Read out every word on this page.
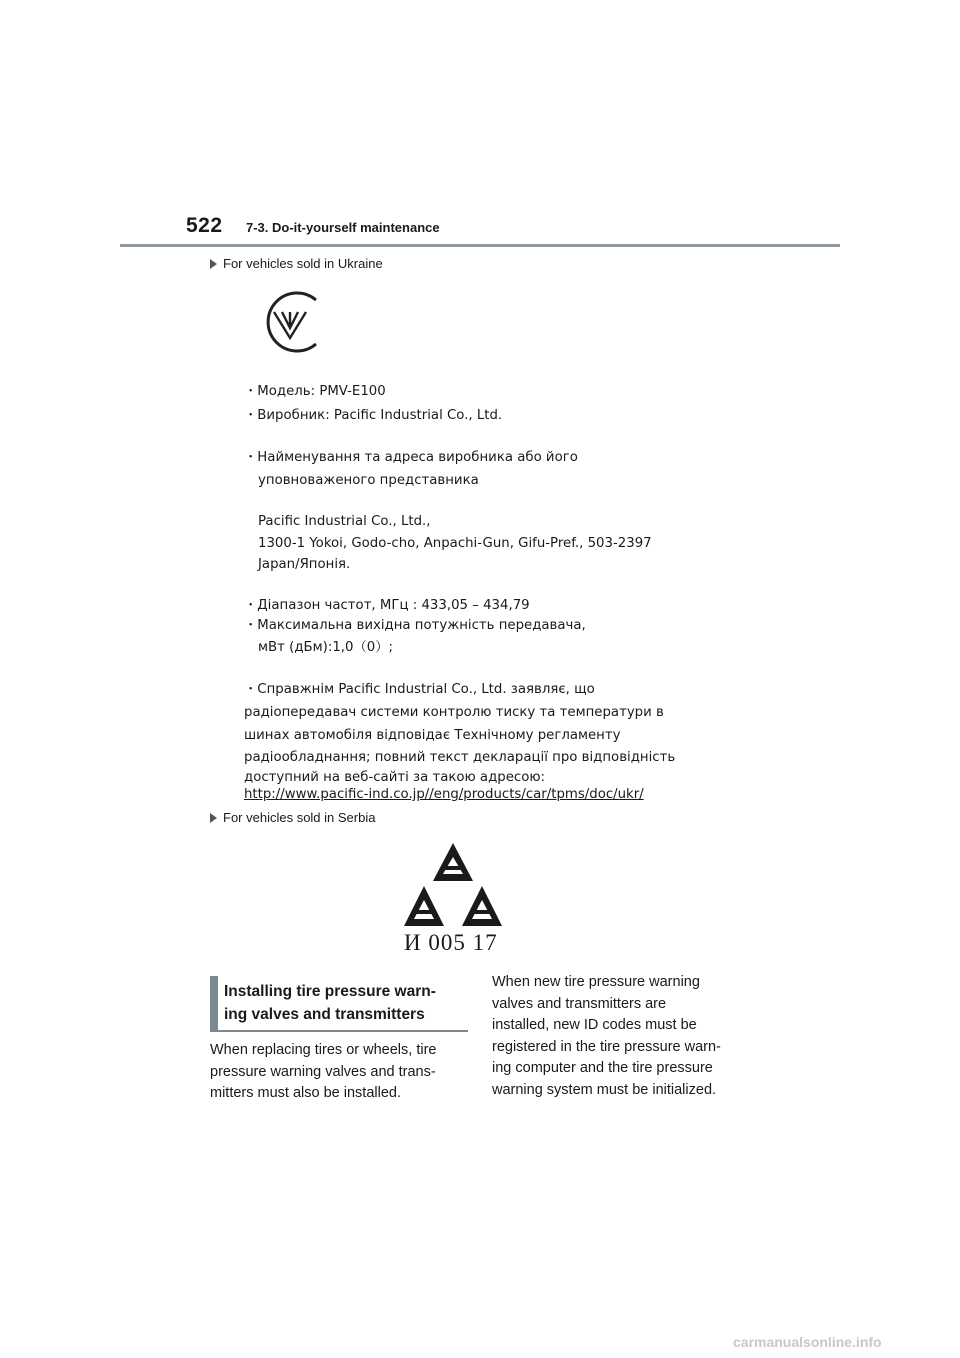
522 7-3. Do-it-yourself maintenance
For vehicles sold in Ukraine
・Модель: PMV-E100
・Виробник: Pacific Industrial Co., Ltd.
・Найменування та адреса виробника або його
уповноваженого представника
Pacific Industrial Co., Ltd.,
1300-1 Yokoi, Godo-cho, Anpachi-Gun, Gifu-Pref., 503-2397
Japan/Японія.
・Діапазон частот, МГц : 433,05 – 434,79
・Максимальна вихідна потужність передавача,
мВт (дБм):1,0（0）;
・Справжнім Pacific Industrial Co., Ltd. заявляє, що
радіопередавач системи контролю тиску та температури в
шинах автомобіля відповідає Технічному регламенту
радіообладнання; повний текст декларації про відповідність
доступний на веб-сайті за такою адресою:
http://www.pacific-ind.co.jp//eng/products/car/tpms/doc/ukr/
For vehicles sold in Serbia
И 005 17
Installing tire pressure warn-
ing valves and transmitters
When replacing tires or wheels, tire
pressure warning valves and trans-
mitters must also be installed.
When new tire pressure warning
valves and transmitters are
installed, new ID codes must be
registered in the tire pressure warn-
ing computer and the tire pressure
warning system must be initialized.
carmanualsonline.info
